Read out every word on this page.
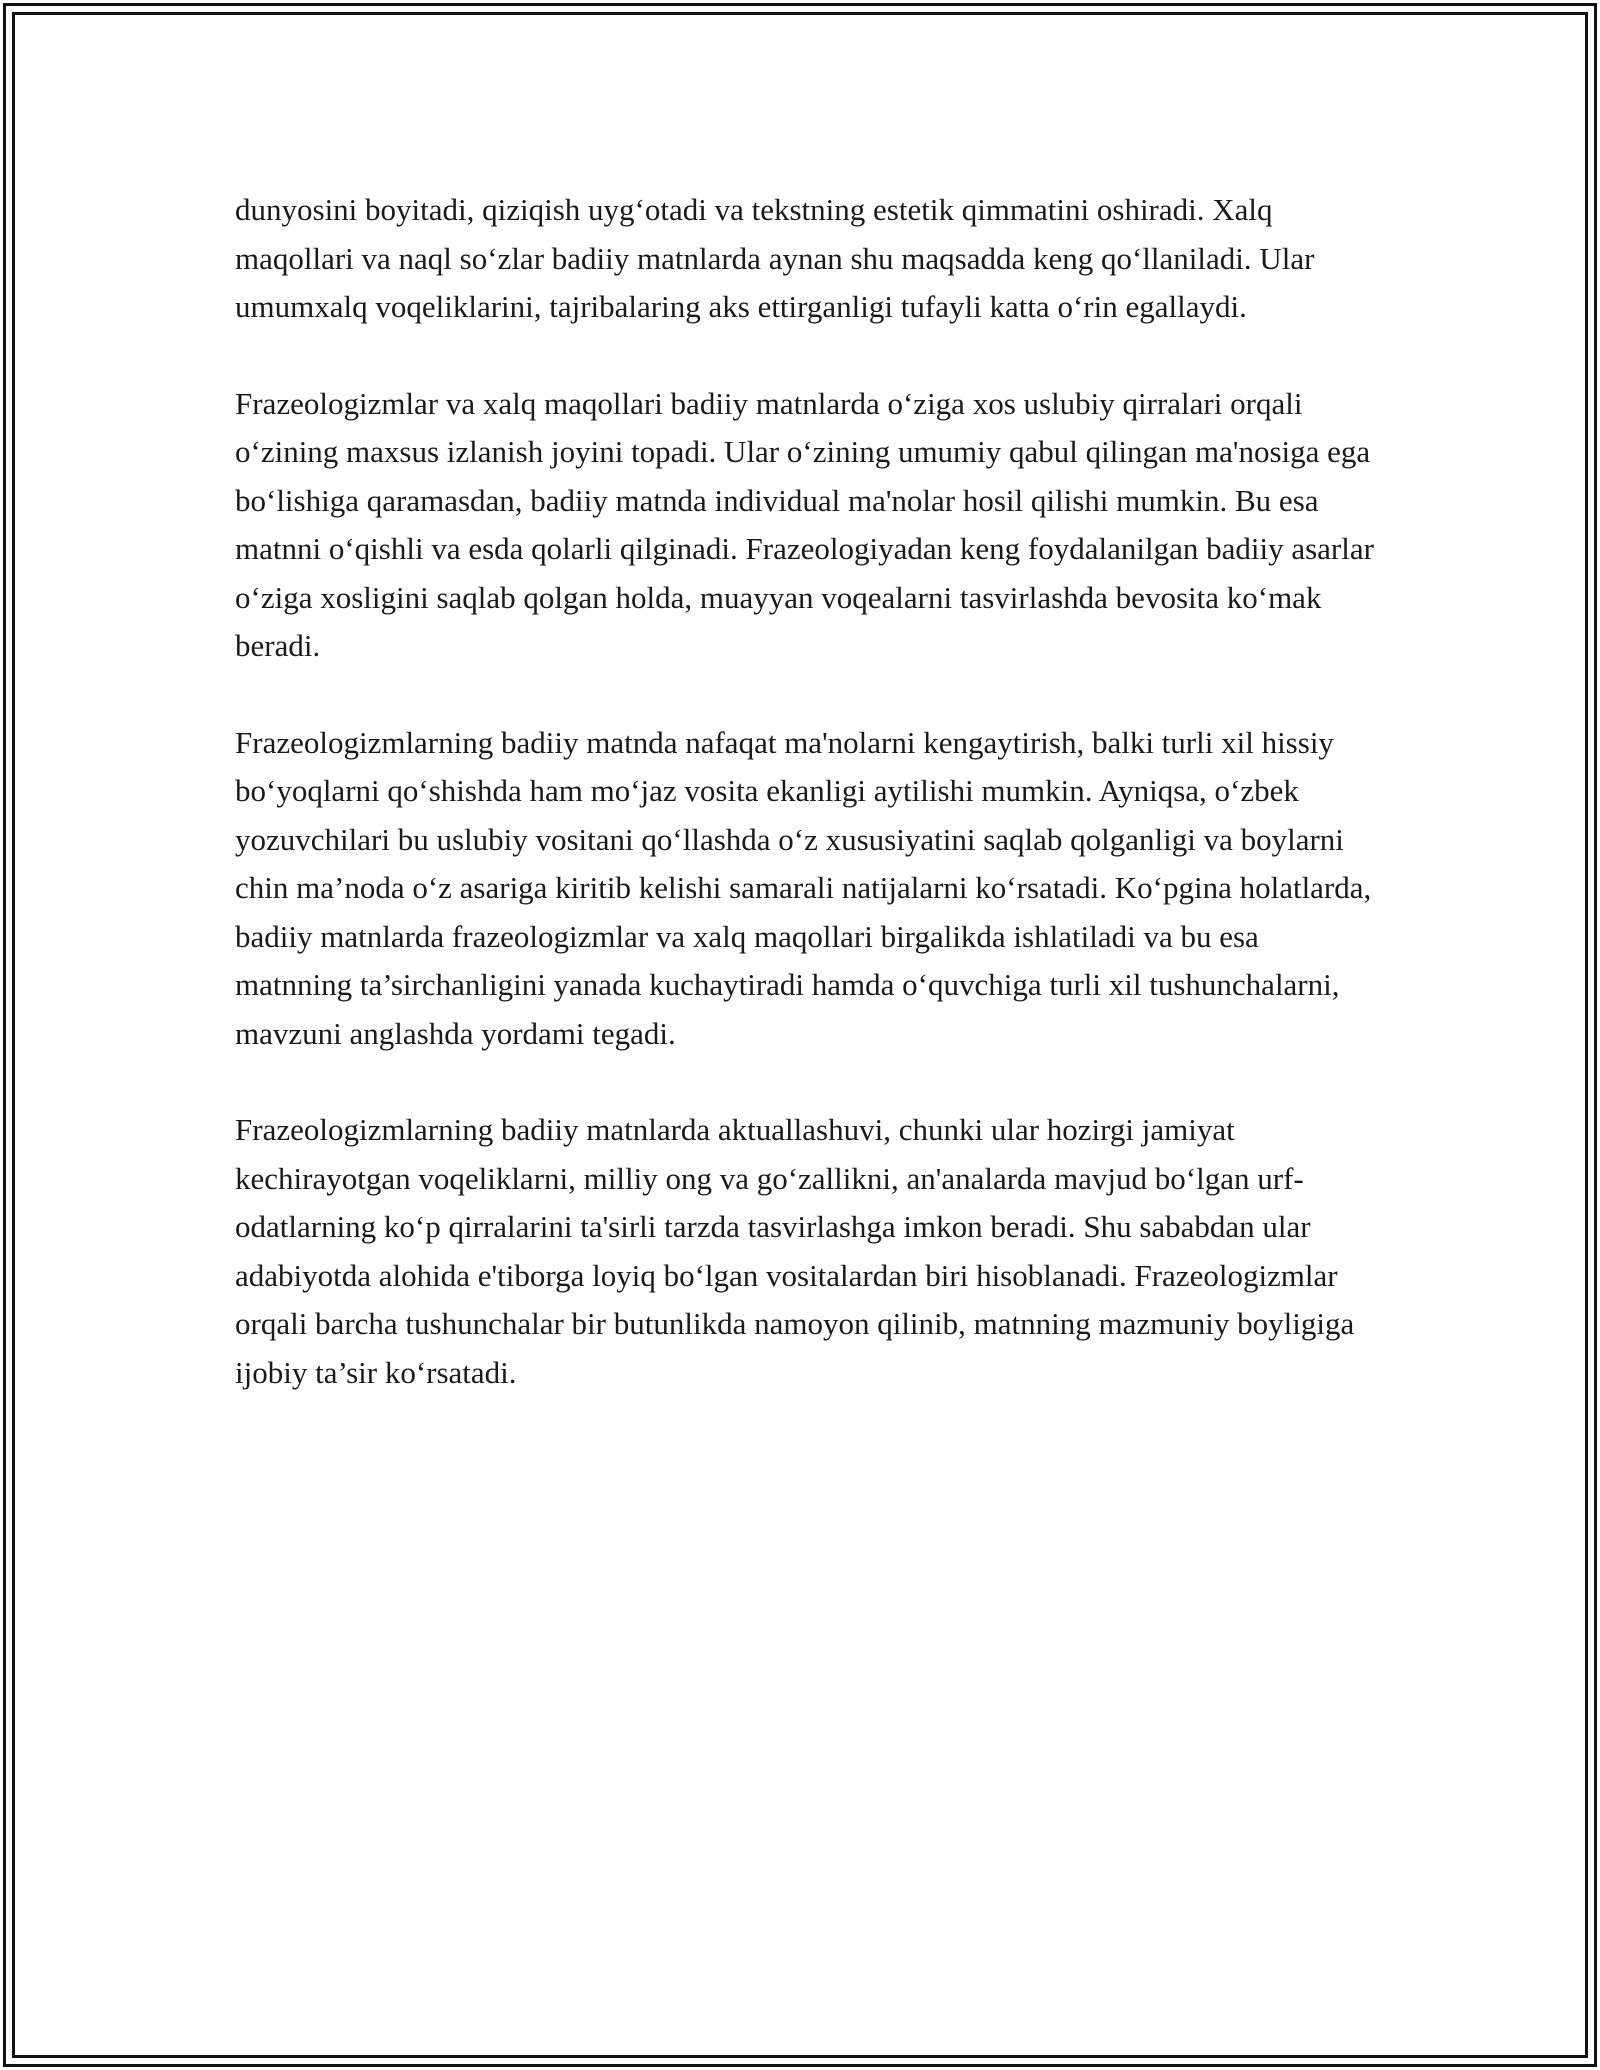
dunyosini boyitadi, qiziqish uyg‘otadi va tekstning estetik qimmatini oshiradi. Xalq maqollari va naql so‘zlar badiiy matnlarda aynan shu maqsadda keng qo‘llaniladi. Ular umumxalq voqeliklarini, tajribalaring aks ettirganligi tufayli katta o‘rin egallaydi.

Frazeologizmlar va xalq maqollari badiiy matnlarda o‘ziga xos uslubiy qirralari orqali o‘zining maxsus izlanish joyini topadi. Ular o‘zining umumiy qabul qilingan ma'nosiga ega bo‘lishiga qaramasdan, badiiy matnda individual ma'nolar hosil qilishi mumkin. Bu esa matnni o‘qishli va esda qolarli qilginadi. Frazeologiyadan keng foydalanilgan badiiy asarlar o‘ziga xosligini saqlab qolgan holda, muayyan voqealarni tasvirlashda bevosita ko‘mak beradi.

Frazeologizmlarning badiiy matnda nafaqat ma'nolarni kengaytirish, balki turli xil hissiy bo‘yoqlarni qo‘shishda ham mo‘jaz vosita ekanligi aytilishi mumkin. Ayniqsa, o‘zbek yozuvchilari bu uslubiy vositani qo‘llashda o‘z xususiyatini saqlab qolganligi va boylarni chin ma’noda o‘z asariga kiritib kelishi samarali natijalarni ko‘rsatadi. Ko‘pgina holatlarda, badiiy matnlarda frazeologizmlar va xalq maqollari birgalikda ishlatiladi va bu esa matnning ta’sirchanligini yanada kuchaytiradi hamda o‘quvchiga turli xil tushunchalarni, mavzuni anglashda yordami tegadi.

Frazeologizmlarning badiiy matnlarda aktuallashuvi, chunki ular hozirgi jamiyat kechirayotgan voqeliklarni, milliy ong va go‘zallikni, an'analarda mavjud bo‘lgan urf-odatlarning ko‘p qirralarini ta'sirli tarzda tasvirlashga imkon beradi. Shu sababdan ular adabiyotda alohida e'tiborga loyiq bo‘lgan vositalardan biri hisoblanadi. Frazeologizmlar orqali barcha tushunchalar bir butunlikda namoyon qilinib, matnning mazmuniy boyligiga ijobiy ta’sir ko‘rsatadi.
